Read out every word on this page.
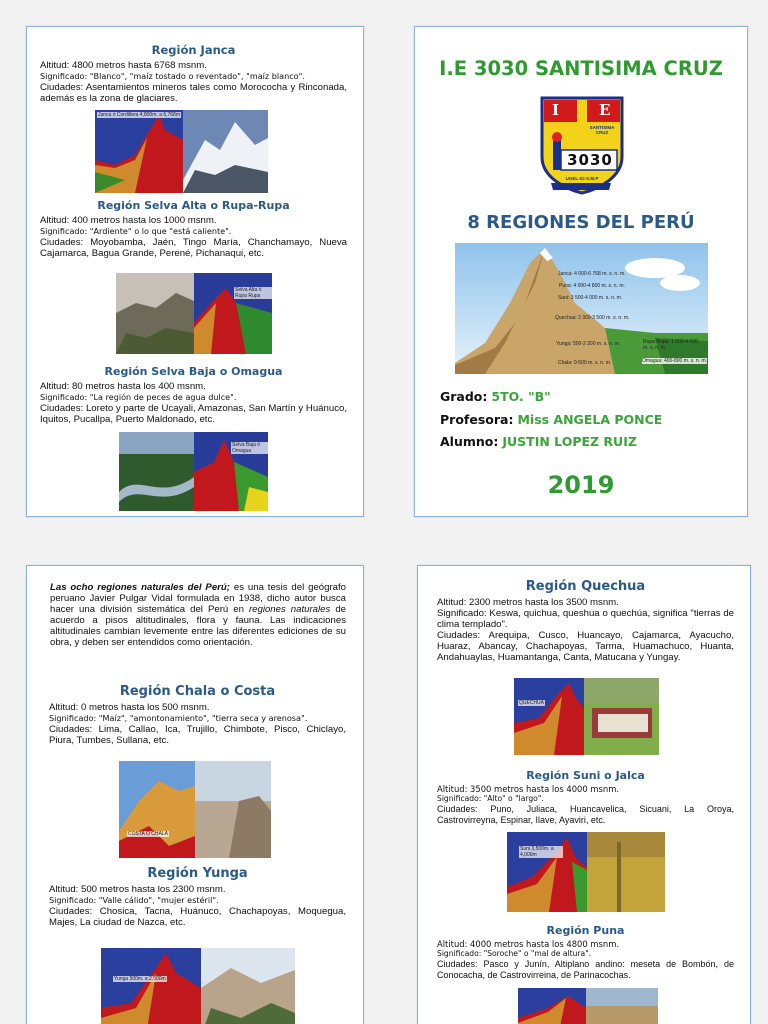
Región Janca
Altitud: 4800 metros hasta 6768 msnm.
Significado: "Blanco", "maíz tostado o reventado", "maíz blanco".
Ciudades: Asentamientos mineros tales como Morococha y Rinconada, además es la zona de glaciares.
Janca ó Cordillera 4,800m. a 6,768m
Región Selva Alta o Rupa-Rupa
Altitud: 400 metros hasta los 1000 msnm.
Significado: "Ardiente" o lo que "está caliente".
Ciudades: Moyobamba, Jaén, Tingo María, Chanchamayo, Nueva Cajamarca, Bagua Grande, Perené, Pichanaqui, etc.
Selva Alta ó Rupa Rupa
Región Selva Baja o Omagua
Altitud: 80 metros hasta los 400 msnm.
Significado: "La región de peces de agua dulce".
Ciudades: Loreto y parte de Ucayali, Amazonas, San Martín y Huánuco, Iquitos, Pucallpa, Puerto Maldonado, etc.
Selva Baja ó Omagua
I.E 3030 SANTISIMA CRUZ
I	E
SANTISIMA CRUZ
3030
UGEL-02-S.M.P
8 REGIONES DEL PERÚ
Janca: 4 000-6 768 m. s. n. m.
Puna: 4 000-4 800 m. s. n. m.
Suni: 3 500-4 000 m. s. n. m.
Quechua: 2 300-3 500 m. s. n. m.
Yunga: 500-2 300 m. s. n. m.
Chala: 0-500 m. s. n. m.
Rupa Rupa: 1 000-4 000 m. s. n. m.
Omagua: 400-800 m. s. n. m.
Grado: 5TO. "B"
Profesora: Miss ANGELA PONCE
Alumno: JUSTIN LOPEZ RUIZ
2019
Las ocho regiones naturales del Perú; es una tesis del geógrafo peruano Javier Pulgar Vidal formulada en 1938, dicho autor busca hacer una división sistemática del Perú en regiones naturales de acuerdo a pisos altitudinales, flora y fauna. Las indicaciones altitudinales cambian levemente entre las diferentes ediciones de su obra, y deben ser entendidos como orientación.
Región Chala o Costa
Altitud: 0 metros hasta los 500 msnm.
Significado: "Maíz", "amontonamiento", "tierra seca y arenosa".
Ciudades: Lima, Callao, Ica, Trujillo, Chimbote, Pisco, Chiclayo, Piura, Tumbes, Sullana, etc.
COSTA O CHALA
Región Yunga
Altitud: 500 metros hasta los 2300 msnm.
Significado: "Valle cálido", "mujer estéril".
Ciudades: Chosica, Tacna, Huánuco, Chachapoyas, Moquegua, Majes, La ciudad de Nazca, etc.
Yunga 500m. a 2,500m
Región Quechua
Altitud: 2300 metros hasta los 3500 msnm.
Significado: Keswa, quichua, queshua o quechúa, significa "tierras de clima templado".
Ciudades: Arequipa, Cusco, Huancayo, Cajamarca, Ayacucho, Huaraz, Abancay, Chachapoyas, Tarma, Huamachuco, Huanta, Andahuaylas, Huamantanga, Canta, Matucana y Yungay.
QUECHUA
Región Suni o Jalca
Altitud: 3500 metros hasta los 4000 msnm.
Significado: "Alto" o "largo".
Ciudades: Puno, Juliaca, Huancavelica, Sicuani, La Oroya, Castrovirreyna, Espinar, Ilave, Ayaviri, etc.
Suni 3,500m. a 4,000m
Región Puna
Altitud: 4000 metros hasta los 4800 msnm.
Significado: "Soroche" o "mal de altura".
Ciudades: Pasco y Junín, Altiplano andino: meseta de Bombón, de Conocacha, de Castrovirreina, de Parinacochas.
